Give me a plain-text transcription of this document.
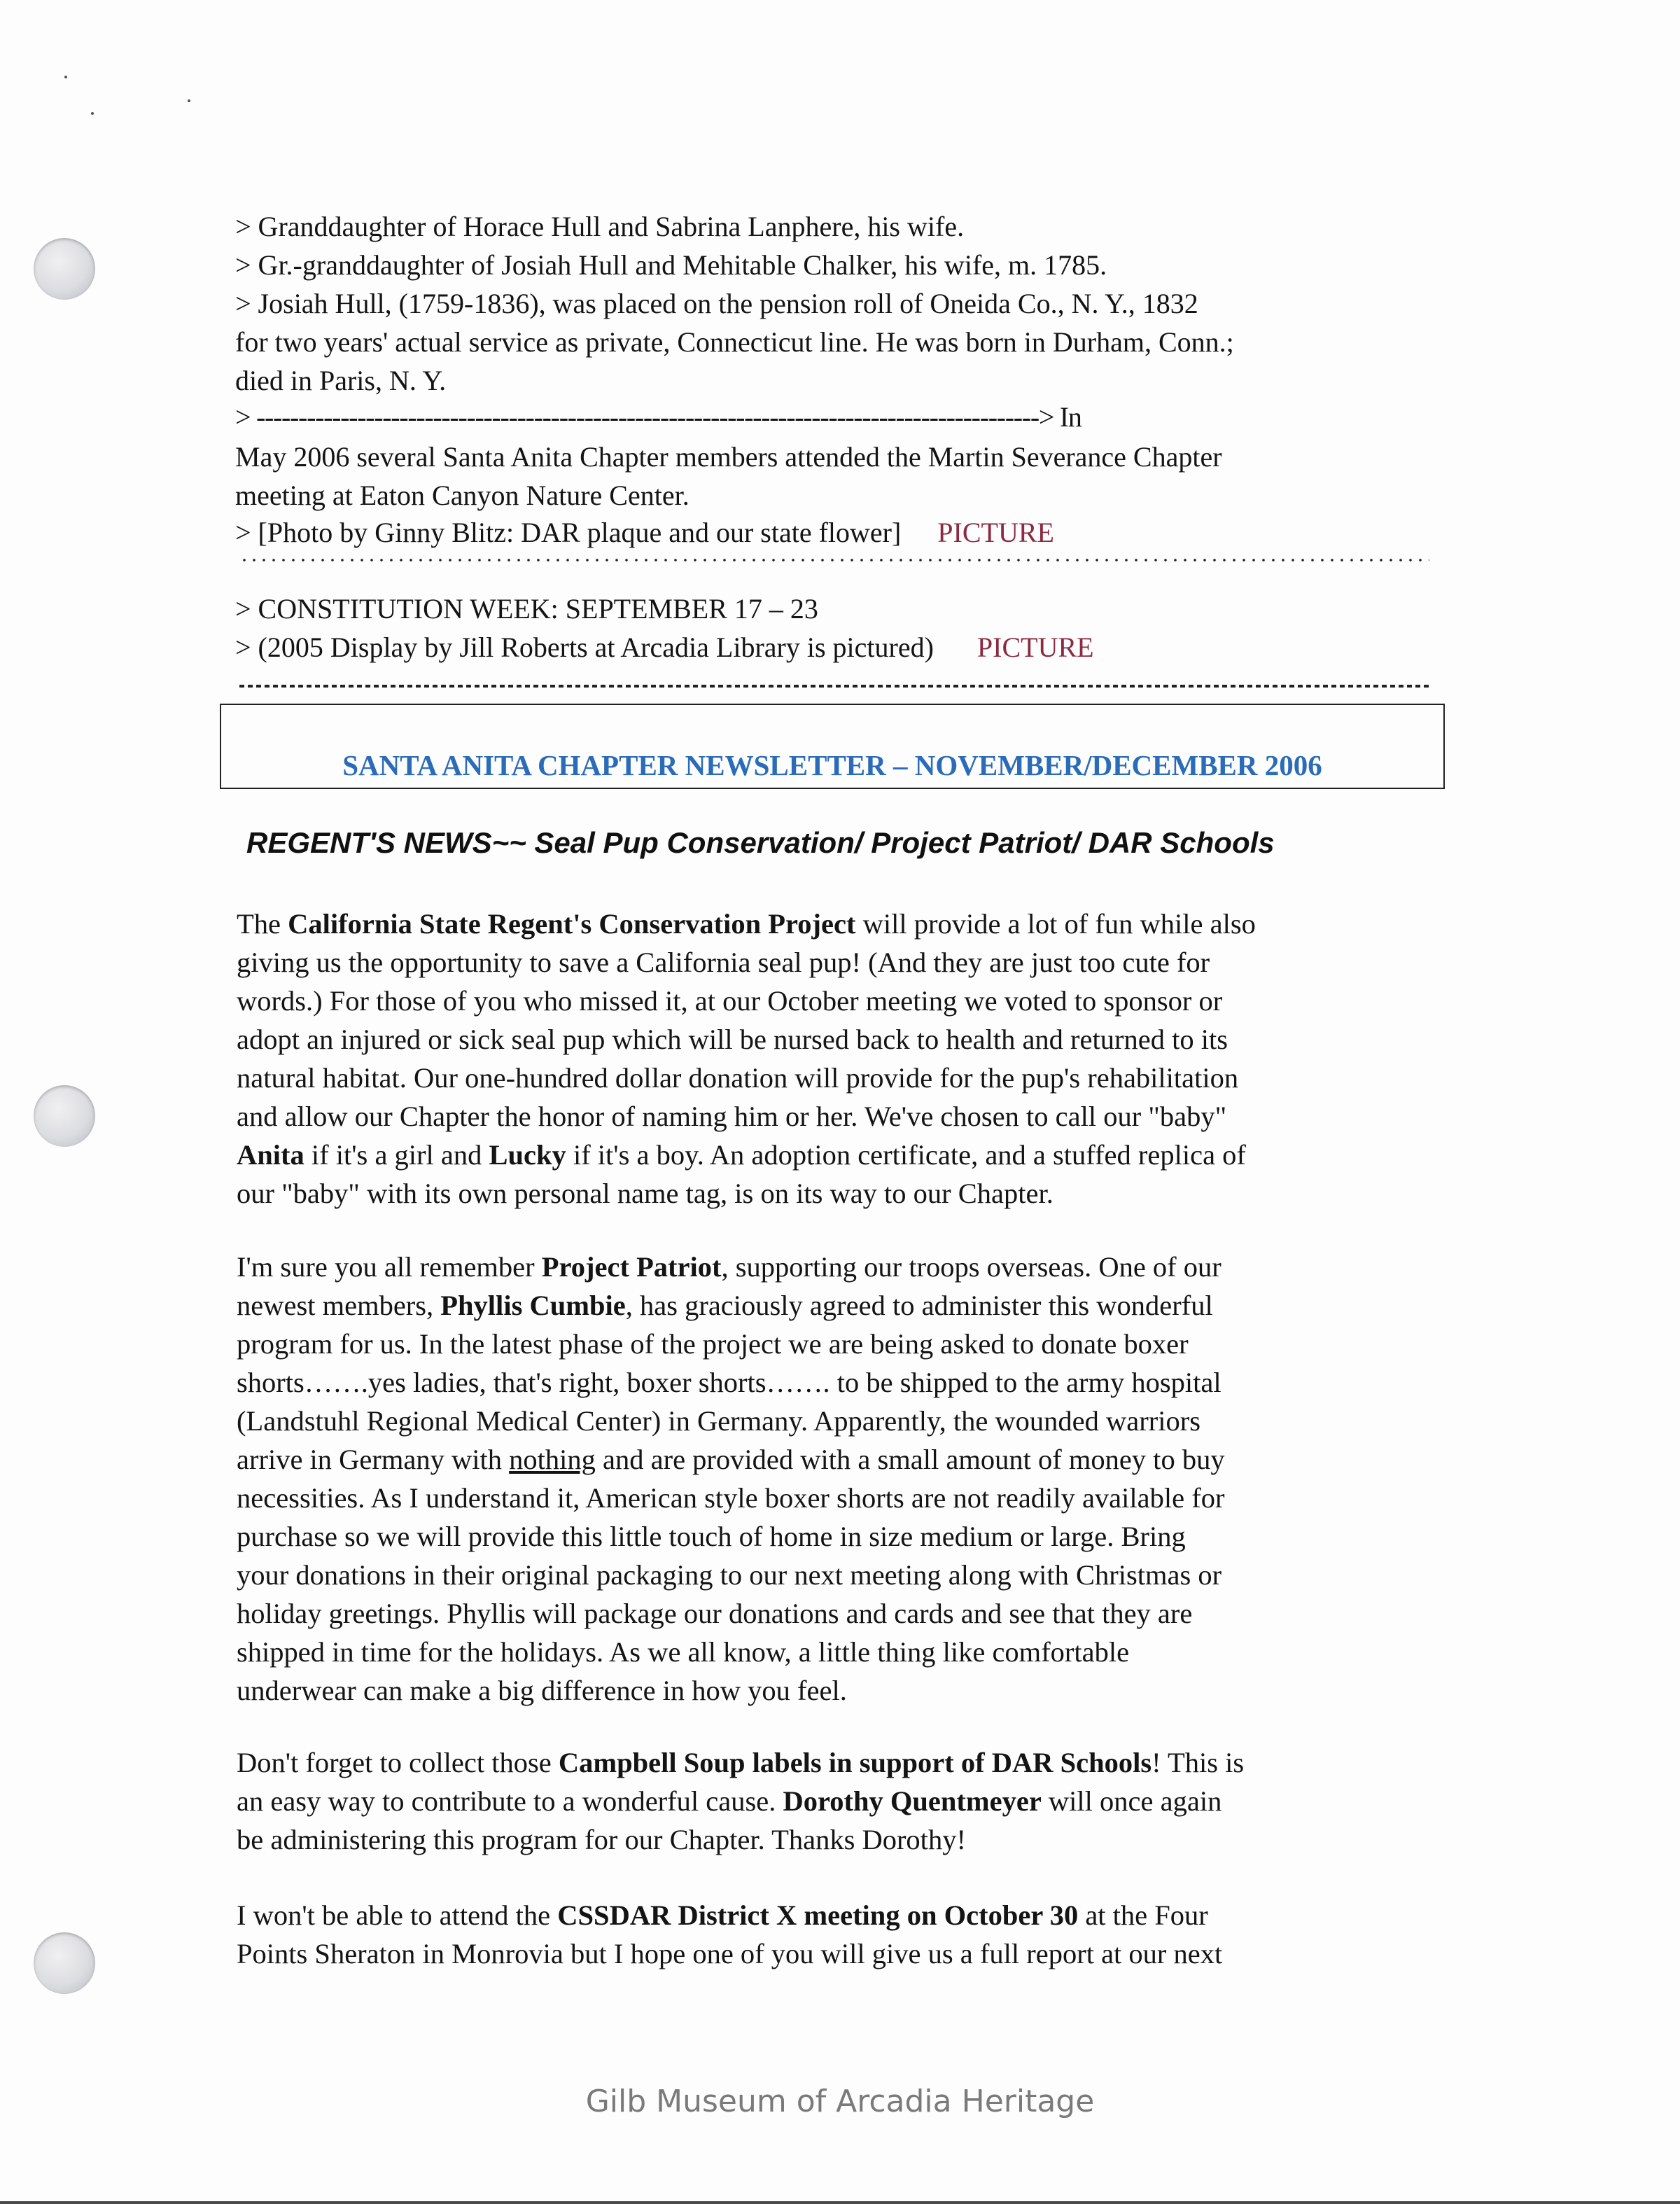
> Granddaughter of Horace Hull and Sabrina Lanphere, his wife.
> Gr.-granddaughter of Josiah Hull and Mehitable Chalker, his wife, m. 1785.
> Josiah Hull, (1759-1836), was placed on the pension roll of Oneida Co., N. Y., 1832
for two years' actual service as private, Connecticut line. He was born in Durham, Conn.;
died in Paris, N. Y.
> ---------------------------------------------------------------------------------------------> In
May 2006 several Santa Anita Chapter members attended the Martin Severance Chapter
meeting at Eaton Canyon Nature Center.
> [Photo by Ginny Blitz: DAR plaque and our state flower] PICTURE
> CONSTITUTION WEEK: SEPTEMBER 17 – 23
> (2005 Display by Jill Roberts at Arcadia Library is pictured) PICTURE
SANTA ANITA CHAPTER NEWSLETTER – NOVEMBER/DECEMBER 2006
REGENT'S NEWS~~ Seal Pup Conservation/ Project Patriot/ DAR Schools
The California State Regent's Conservation Project will provide a lot of fun while also
giving us the opportunity to save a California seal pup! (And they are just too cute for
words.) For those of you who missed it, at our October meeting we voted to sponsor or
adopt an injured or sick seal pup which will be nursed back to health and returned to its
natural habitat. Our one-hundred dollar donation will provide for the pup's rehabilitation
and allow our Chapter the honor of naming him or her. We've chosen to call our "baby"
Anita if it's a girl and Lucky if it's a boy. An adoption certificate, and a stuffed replica of
our "baby" with its own personal name tag, is on its way to our Chapter.
I'm sure you all remember Project Patriot, supporting our troops overseas. One of our
newest members, Phyllis Cumbie, has graciously agreed to administer this wonderful
program for us. In the latest phase of the project we are being asked to donate boxer
shorts…….yes ladies, that's right, boxer shorts……. to be shipped to the army hospital
(Landstuhl Regional Medical Center) in Germany. Apparently, the wounded warriors
arrive in Germany with nothing and are provided with a small amount of money to buy
necessities. As I understand it, American style boxer shorts are not readily available for
purchase so we will provide this little touch of home in size medium or large. Bring
your donations in their original packaging to our next meeting along with Christmas or
holiday greetings. Phyllis will package our donations and cards and see that they are
shipped in time for the holidays. As we all know, a little thing like comfortable
underwear can make a big difference in how you feel.
Don't forget to collect those Campbell Soup labels in support of DAR Schools! This is
an easy way to contribute to a wonderful cause. Dorothy Quentmeyer will once again
be administering this program for our Chapter. Thanks Dorothy!
I won't be able to attend the CSSDAR District X meeting on October 30 at the Four
Points Sheraton in Monrovia but I hope one of you will give us a full report at our next
Gilb Museum of Arcadia Heritage
